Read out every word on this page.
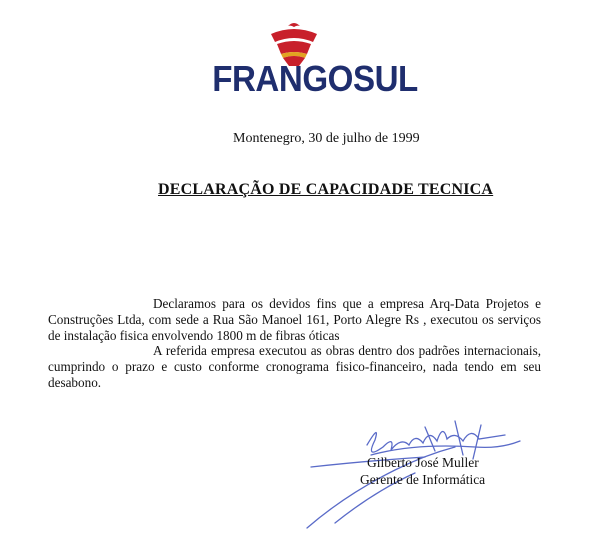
FRANGOSUL
Montenegro, 30 de julho de 1999
DECLARAÇÃO DE CAPACIDADE TECNICA

Declaramos para os devidos fins que a empresa Arq-Data Projetos e Construções Ltda, com sede a Rua São Manoel 161, Porto Alegre Rs , executou os serviços de instalação fisica envolvendo 1800 m de fibras óticas

A referida empresa executou as obras dentro dos padrões internacionais, cumprindo o prazo e custo conforme cronograma fisico-financeiro, nada tendo em seu desabono.

Gilberto José Muller
Gerente de Informática
